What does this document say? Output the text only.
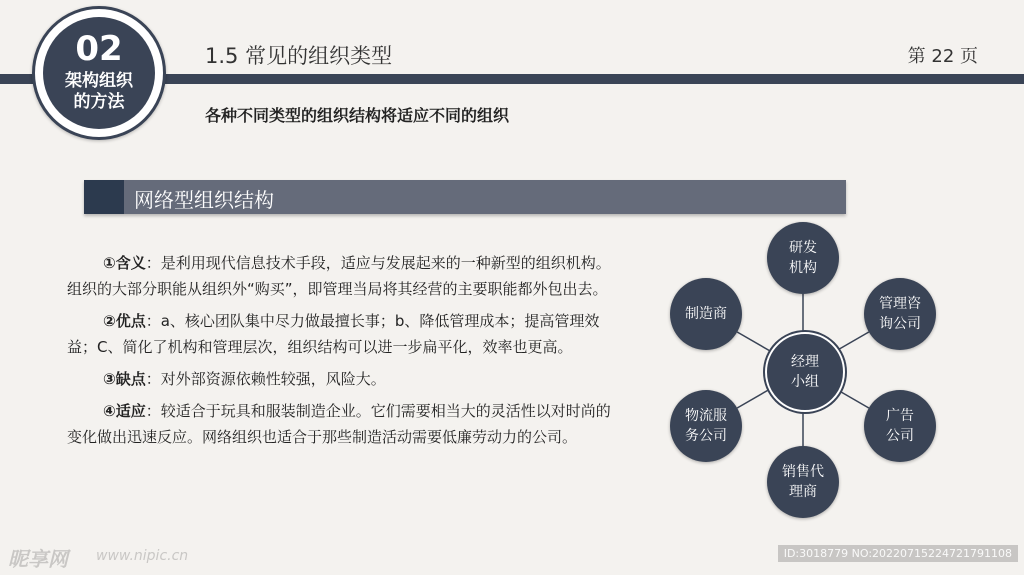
02
架构组织的方法
1.5 常见的组织类型	第 22 页
各种不同类型的组织结构将适应不同的组织
网络型组织结构

①含义：是利用现代信息技术手段，适应与发展起来的一种新型的组织机构。组织的大部分职能从组织外“购买”，即管理当局将其经营的主要职能都外包出去。

②优点：a、核心团队集中尽力做最擅长事；b、降低管理成本；提高管理效益；C、简化了机构和管理层次，组织结构可以进一步扁平化，效率也更高。

③缺点：对外部资源依赖性较强，风险大。

④适应：较适合于玩具和服装制造企业。它们需要相当大的灵活性以对时尚的变化做出迅速反应。网络组织也适合于那些制造活动需要低廉劳动力的公司。

经理
小组
研发
机构
管理咨
询公司
广告
公司
销售代
理商
物流服
务公司
制造商
昵享网 www.nipic.cn	ID:3018779 NO:20220715224721791108
